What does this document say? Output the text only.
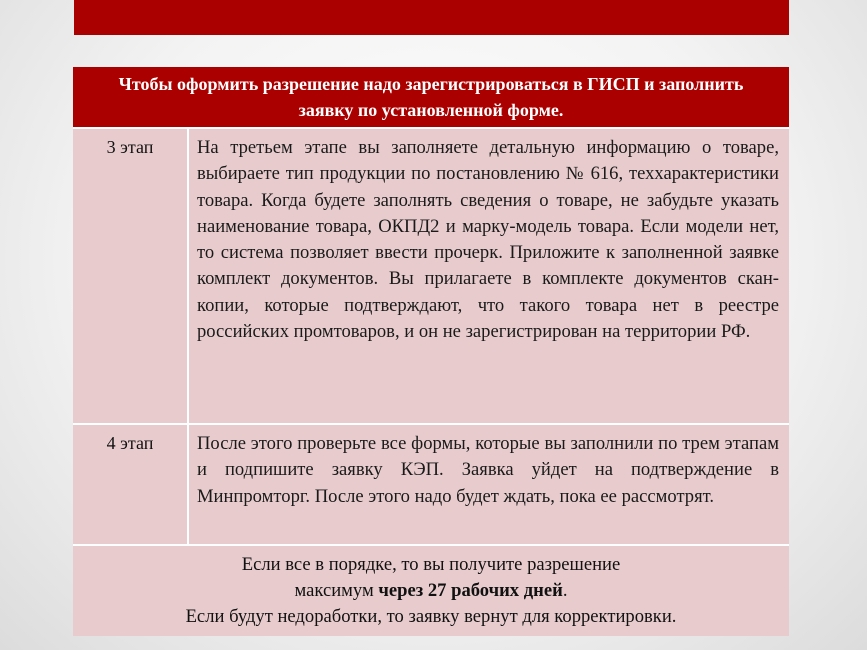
Чтобы оформить разрешение надо зарегистрироваться в ГИСП и заполнить заявку по установленной форме.	
3 этап	На третьем этапе вы заполняете детальную информацию о товаре, выбираете тип продукции по постановлению № 616, теххарактеристики товара. Когда будете заполнять сведения о товаре, не забудьте указать наименование товара, ОКПД2 и марку-модель товара. Если модели нет, то система позволяет ввести прочерк. Приложите к заполненной заявке комплект документов. Вы прилагаете в комплекте документов скан-копии, которые подтверждают, что такого товара нет в реестре российских промтоваров, и он не зарегистрирован на территории РФ.
4 этап	После этого проверьте все формы, которые вы заполнили по трем этапам и подпишите заявку КЭП. Заявка уйдет на подтверждение в Минпромторг. После этого надо будет ждать, пока ее рассмотрят.

Если все в порядке, то вы получите разрешение
максимум через 27 рабочих дней.
Если будут недоработки, то заявку вернут для корректировки.	
